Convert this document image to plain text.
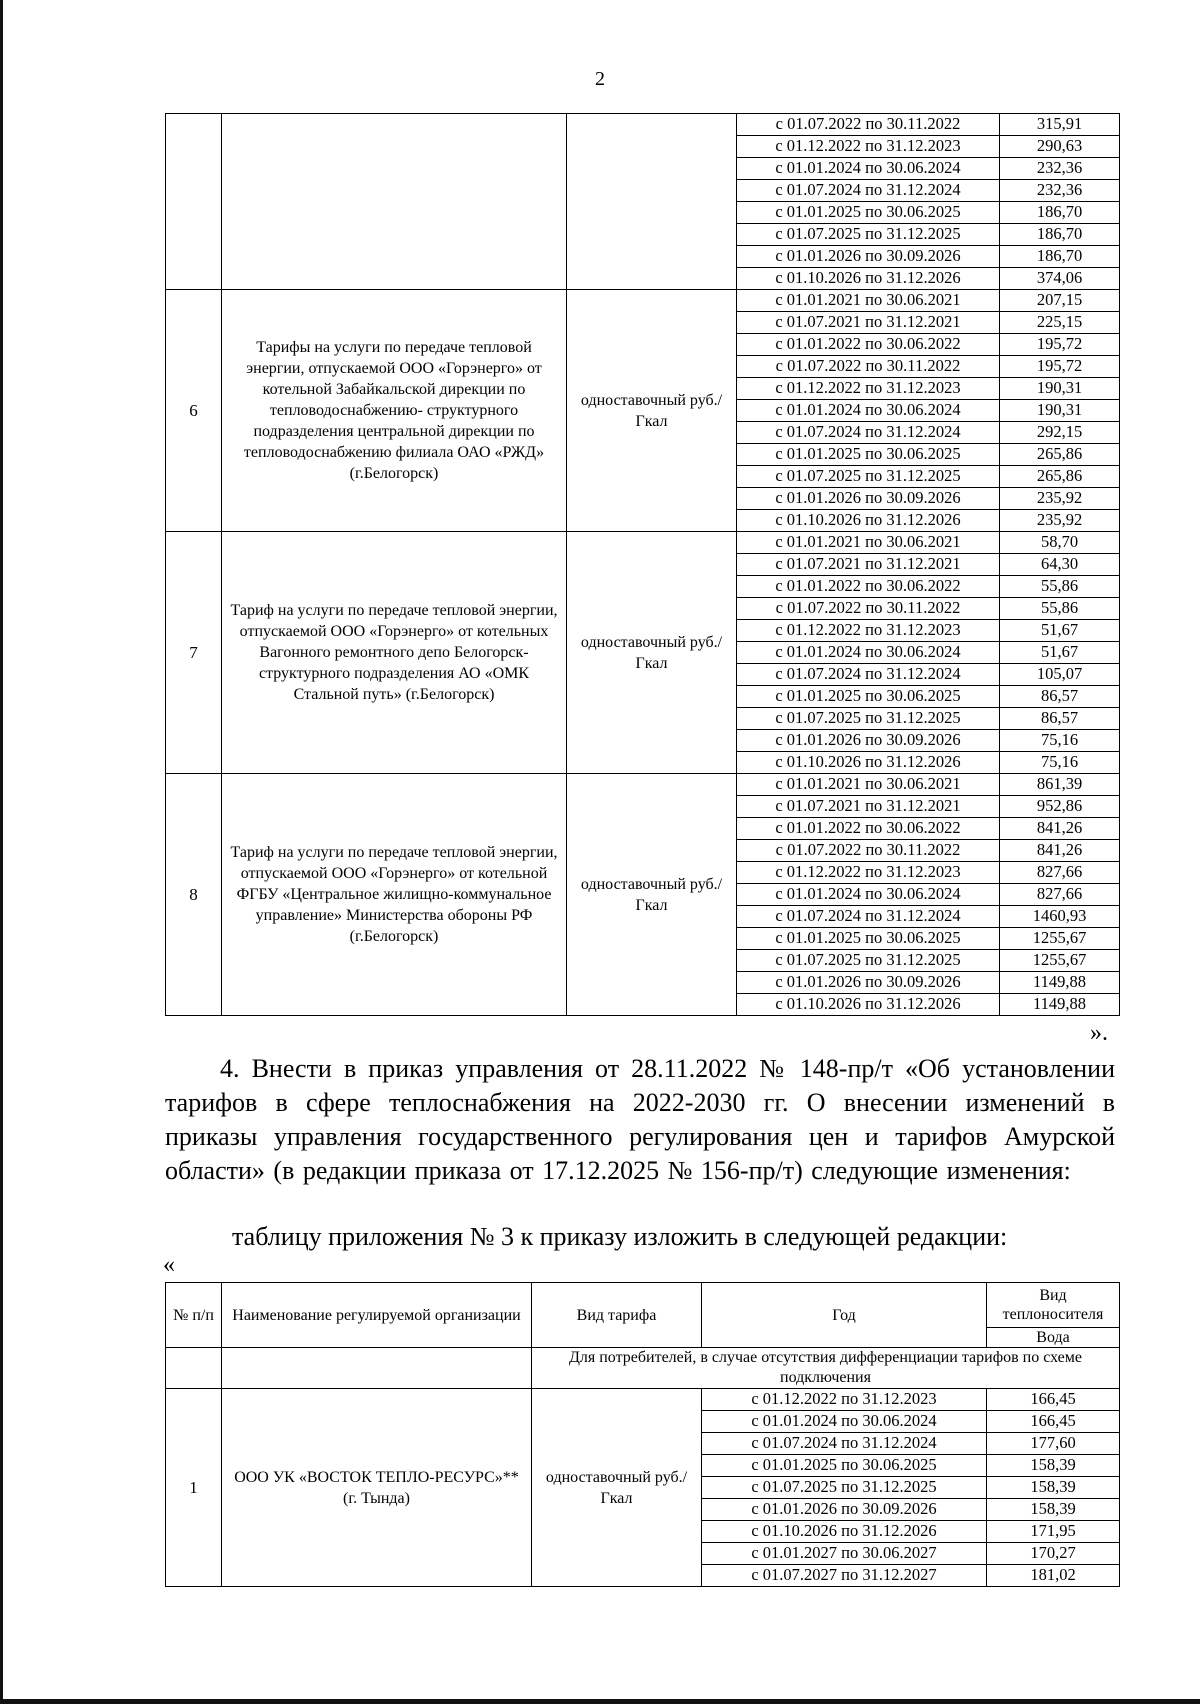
2
			с 01.07.2022 по 30.11.2022	315,91
			с 01.12.2022 по 31.12.2023	290,63
			с 01.01.2024 по 30.06.2024	232,36
			с 01.07.2024 по 31.12.2024	232,36
			с 01.01.2025 по 30.06.2025	186,70
			с 01.07.2025 по 31.12.2025	186,70
			с 01.01.2026 по 30.09.2026	186,70
			с 01.10.2026 по 31.12.2026	374,06
6	Тарифы на услуги по передаче тепловой энергии, отпускаемой ООО «Горэнерго» от котельной Забайкальской дирекции по тепловодоснабжению- структурного подразделения центральной дирекции по тепловодоснабжению филиала ОАО «РЖД» (г.Белогорск)	одноставочный руб./Гкал	с 01.01.2021 по 30.06.2021	207,15
			с 01.07.2021 по 31.12.2021	225,15
			с 01.01.2022 по 30.06.2022	195,72
			с 01.07.2022 по 30.11.2022	195,72
			с 01.12.2022 по 31.12.2023	190,31
			с 01.01.2024 по 30.06.2024	190,31
			с 01.07.2024 по 31.12.2024	292,15
			с 01.01.2025 по 30.06.2025	265,86
			с 01.07.2025 по 31.12.2025	265,86
			с 01.01.2026 по 30.09.2026	235,92
			с 01.10.2026 по 31.12.2026	235,92
7	Тариф на услуги по передаче тепловой энергии, отпускаемой ООО «Горэнерго» от котельных Вагонного ремонтного депо Белогорск-структурного подразделения АО «ОМК Стальной путь» (г.Белогорск)	одноставочный руб./Гкал	с 01.01.2021 по 30.06.2021	58,70
			с 01.07.2021 по 31.12.2021	64,30
			с 01.01.2022 по 30.06.2022	55,86
			с 01.07.2022 по 30.11.2022	55,86
			с 01.12.2022 по 31.12.2023	51,67
			с 01.01.2024 по 30.06.2024	51,67
			с 01.07.2024 по 31.12.2024	105,07
			с 01.01.2025 по 30.06.2025	86,57
			с 01.07.2025 по 31.12.2025	86,57
			с 01.01.2026 по 30.09.2026	75,16
			с 01.10.2026 по 31.12.2026	75,16
8	Тариф на услуги по передаче тепловой энергии, отпускаемой ООО «Горэнерго» от котельной ФГБУ «Центральное жилищно-коммунальное управление» Министерства обороны РФ (г.Белогорск)	одноставочный руб./Гкал	с 01.01.2021 по 30.06.2021	861,39
			с 01.07.2021 по 31.12.2021	952,86
			с 01.01.2022 по 30.06.2022	841,26
			с 01.07.2022 по 30.11.2022	841,26
			с 01.12.2022 по 31.12.2023	827,66
			с 01.01.2024 по 30.06.2024	827,66
			с 01.07.2024 по 31.12.2024	1460,93
			с 01.01.2025 по 30.06.2025	1255,67
			с 01.07.2025 по 31.12.2025	1255,67
			с 01.01.2026 по 30.09.2026	1149,88
			с 01.10.2026 по 31.12.2026	1149,88
».
4. Внести в приказ управления от 28.11.2022 № 148-пр/т «Об установлении тарифов в сфере теплоснабжения на 2022-2030 гг. О внесении изменений в приказы управления государственного регулирования цен и тарифов Амурской области» (в редакции приказа от 17.12.2025 № 156-пр/т) следующие изменения:
таблицу приложения № 3 к приказу изложить в следующей редакции:
«
№ п/п	Наименование регулируемой организации	Вид тарифа	Год	Вид теплоносителя

				Вода
		Для потребителей, в случае отсутствия дифференциации тарифов по схеме подключения		
1	ООО УК «ВОСТОК ТЕПЛО-РЕСУРС»** (г. Тында)	одноставочный руб./Гкал	с 01.12.2022 по 31.12.2023	166,45
			с 01.01.2024 по 30.06.2024	166,45
			с 01.07.2024 по 31.12.2024	177,60
			с 01.01.2025 по 30.06.2025	158,39
			с 01.07.2025 по 31.12.2025	158,39
			с 01.01.2026 по 30.09.2026	158,39
			с 01.10.2026 по 31.12.2026	171,95
			с 01.01.2027 по 30.06.2027	170,27
			с 01.07.2027 по 31.12.2027	181,02
